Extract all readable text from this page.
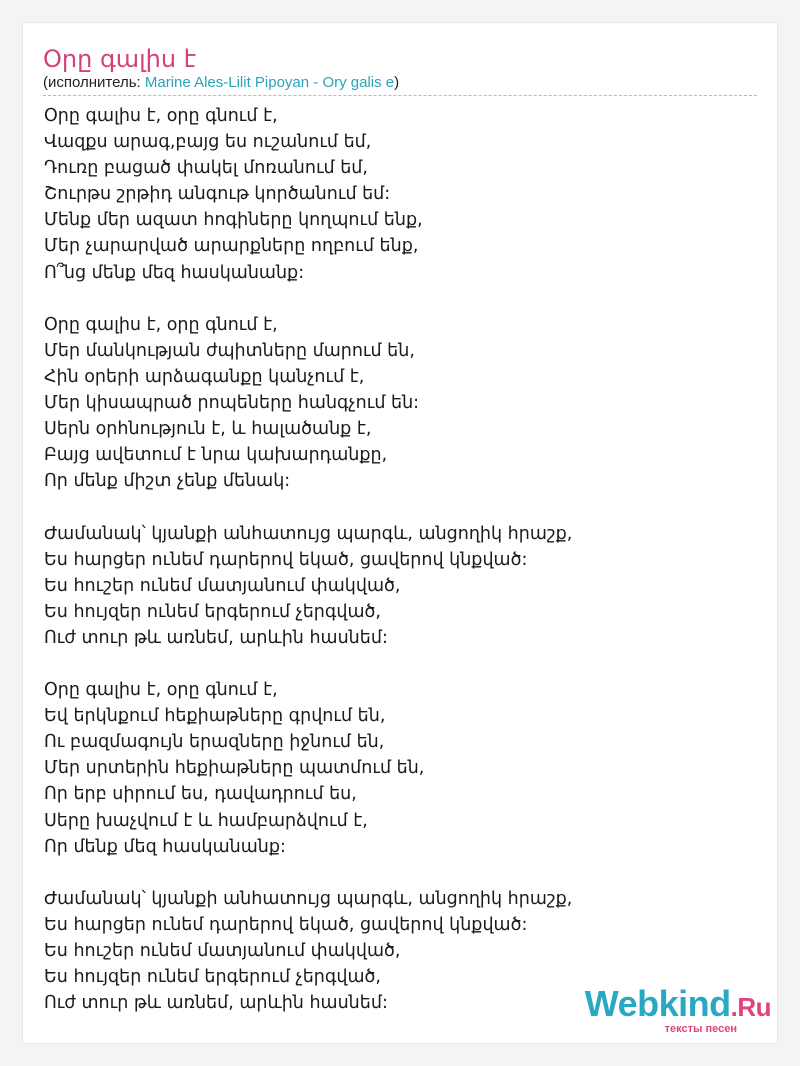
Օրը գալիս է
(исполнитель: Marine Ales-Lilit Pipoyan - Ory galis e)
Օրը գալիս է, օրը գնում է,
Վազքս արագ,բայց ես ուշանում եմ,
Դուռը բացած փակել մոռանում եմ,
Շուրթս շրթիդ անգութ կործանում եմ:
Մենք մեր ազատ հոգիները կողպում ենք,
Մեր չարարված արարքները ողբում ենք,
Ո՞նց մենք մեզ հասկանանք:
Օրը գալիս է, օրը գնում է,
Մեր մանկության ժպիտները մարում են,
Հին օրերի արձագանքը կանչում է,
Մեր կիսապրած րոպեները հանգչում են:
Սերն օրհնություն է, և հալածանք է,
Բայց ավետում է նրա կախարդանքը,
Որ մենք միշտ չենք մենակ:
Ժամանակ՝ կյանքի անհատույց պարգև, անցողիկ հրաշք,
Ես հարցեր ունեմ դարերով եկած, ցավերով կնքված:
Ես հուշեր ունեմ մատյանում փակված,
Ես հույզեր ունեմ երգերում չերգված,
Ուժ տուր թև առնեմ, արևին հասնեմ:
Օրը գալիս է, օրը գնում է,
Եվ երկնքում հեքիաթները գրվում են,
Ու բազմագույն երազները իջնում են,
Մեր սրտերին հեքիաթները պատմում են,
Որ երբ սիրում ես, դավադրում ես,
Սերը խաչվում է և համբարձվում է,
Որ մենք մեզ հասկանանք:
Ժամանակ՝ կյանքի անհատույց պարգև, անցողիկ հրաշք,
Ես հարցեր ունեմ դարերով եկած, ցավերով կնքված:
Ես հուշեր ունեմ մատյանում փակված,
Ես հույզեր ունեմ երգերում չերգված,
Ուժ տուր թև առնեմ, արևին հասնեմ:	Webkind.Ru
тексты песен
